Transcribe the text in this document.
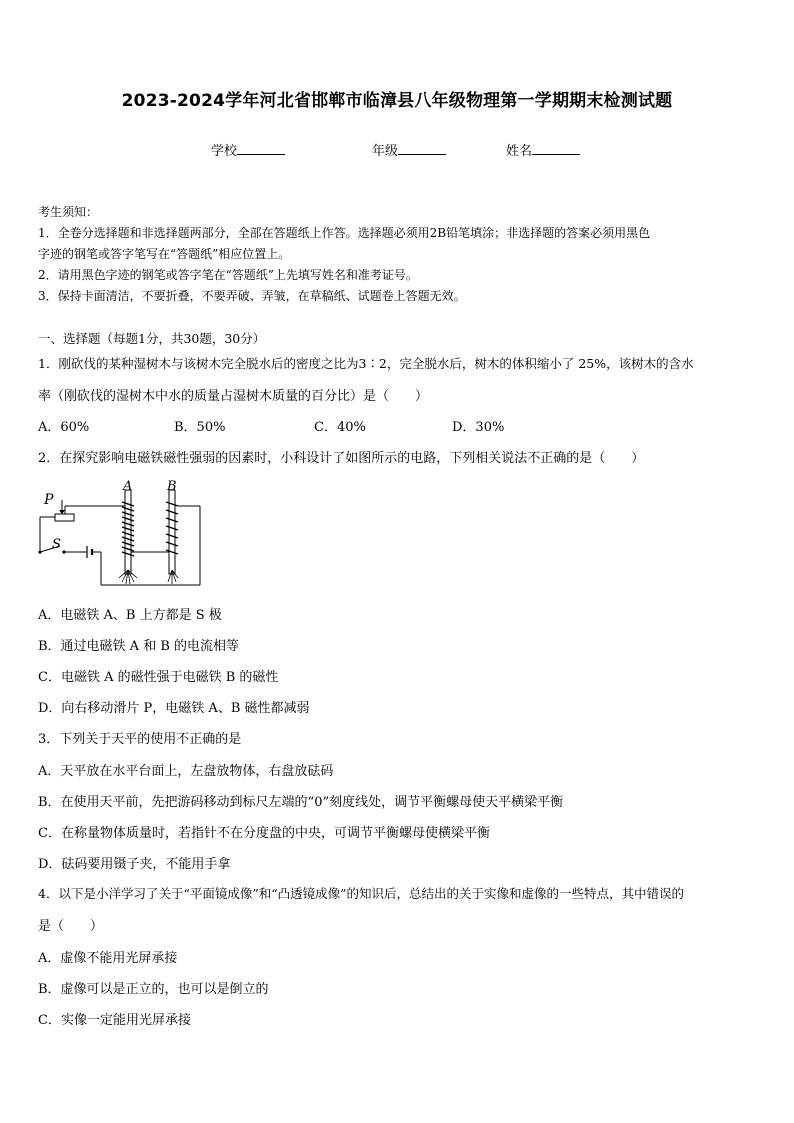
2023-2024学年河北省邯郸市临漳县八年级物理第一学期期末检测试题
学校	年级	姓名
考生须知：
1．全卷分选择题和非选择题两部分，全部在答题纸上作答。选择题必须用2B铅笔填涂；非选择题的答案必须用黑色
字迹的钢笔或答字笔写在“答题纸”相应位置上。
2．请用黑色字迹的钢笔或答字笔在“答题纸”上先填写姓名和准考证号。
3．保持卡面清洁，不要折叠，不要弄破、弄皱，在草稿纸、试题卷上答题无效。
一、选择题（每题1分，共30题，30分）
1．刚砍伐的某种湿树木与该树木完全脱水后的密度之比为3∶2，完全脱水后，树木的体积缩小了 25%，该树木的含水
率（刚砍伐的湿树木中水的质量占湿树木质量的百分比）是（　　）
A．60%	B．50%	C．40%	D．30%
2．在探究影响电磁铁磁性强弱的因素时，小科设计了如图所示的电路，下列相关说法不正确的是（　　）
P
S
A	B
A．电磁铁 A、B 上方都是 S 极
B．通过电磁铁 A 和 B 的电流相等
C．电磁铁 A 的磁性强于电磁铁 B 的磁性
D．向右移动滑片 P，电磁铁 A、B 磁性都减弱
3．下列关于天平的使用不正确的是
A．天平放在水平台面上，左盘放物体，右盘放砝码
B．在使用天平前，先把游码移动到标尺左端的“0”刻度线处，调节平衡螺母使天平横梁平衡
C．在称量物体质量时，若指针不在分度盘的中央，可调节平衡螺母使横梁平衡
D．砝码要用镊子夹，不能用手拿
4．以下是小洋学习了关于“平面镜成像”和“凸透镜成像”的知识后，总结出的关于实像和虚像的一些特点，其中错误的
是（　　）
A．虚像不能用光屏承接
B．虚像可以是正立的，也可以是倒立的
C．实像一定能用光屏承接
